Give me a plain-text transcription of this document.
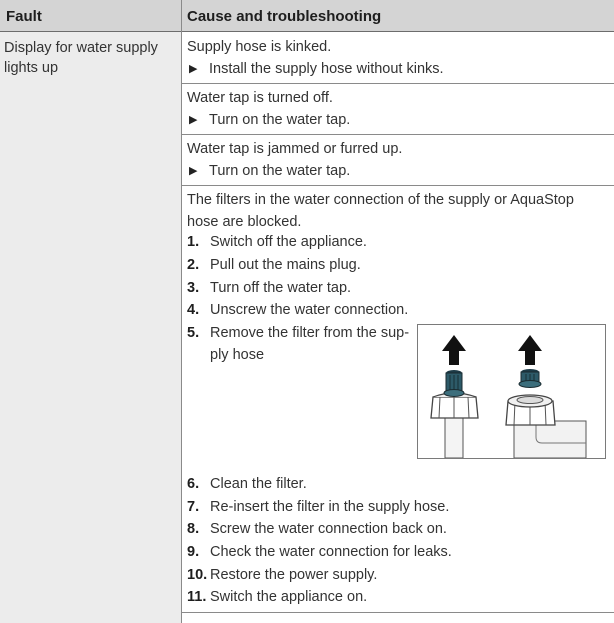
Fault	Cause and troubleshooting
Display for water supply lights up
Supply hose is kinked.
▶ Install the supply hose without kinks.
Water tap is turned off.
▶ Turn on the water tap.
Water tap is jammed or furred up.
▶ Turn on the water tap.
The filters in the water connection of the supply or AquaStop hose are blocked.
1. Switch off the appliance.
2. Pull out the mains plug.
3. Turn off the water tap.
4. Unscrew the water connection.
5. Remove the filter from the sup-
ply hose
6. Clean the filter.
7. Re-insert the filter in the supply hose.
8. Screw the water connection back on.
9. Check the water connection for leaks.
10. Restore the power supply.
11. Switch the appliance on.
